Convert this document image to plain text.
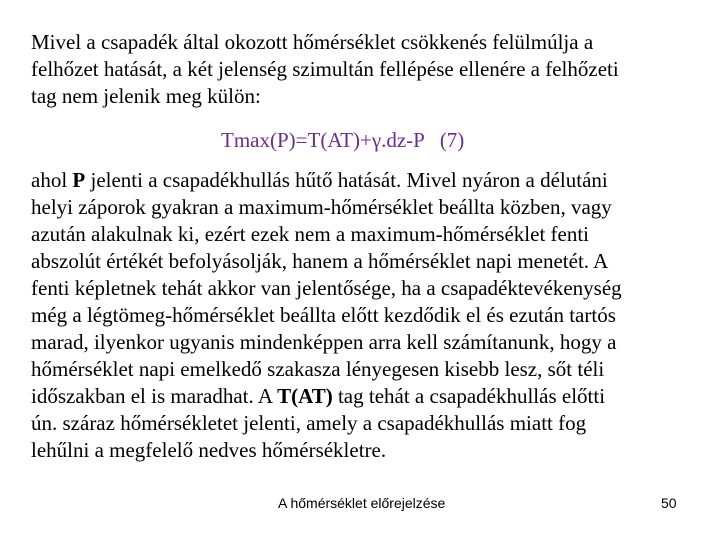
Mivel a csapadék által okozott hőmérséklet csökkenés felülmúlja a
felhőzet hatását, a két jelenség szimultán fellépése ellenére a felhőzeti
tag nem jelenik meg külön:
Tmax(P)=T(AT)+γ.dz-P (7)
ahol P jelenti a csapadékhullás hűtő hatását. Mivel nyáron a délutáni
helyi záporok gyakran a maximum-hőmérséklet beállta közben, vagy
azután alakulnak ki, ezért ezek nem a maximum-hőmérséklet fenti
abszolút értékét befolyásolják, hanem a hőmérséklet napi menetét. A
fenti képletnek tehát akkor van jelentősége, ha a csapadéktevékenység
még a légtömeg-hőmérséklet beállta előtt kezdődik el és ezután tartós
marad, ilyenkor ugyanis mindenképpen arra kell számítanunk, hogy a
hőmérséklet napi emelkedő szakasza lényegesen kisebb lesz, sőt téli
időszakban el is maradhat. A T(AT) tag tehát a csapadékhullás előtti
ún. száraz hőmérsékletet jelenti, amely a csapadékhullás miatt fog
lehűlni a megfelelő nedves hőmérsékletre.
A hőmérséklet előrejelzése	50
